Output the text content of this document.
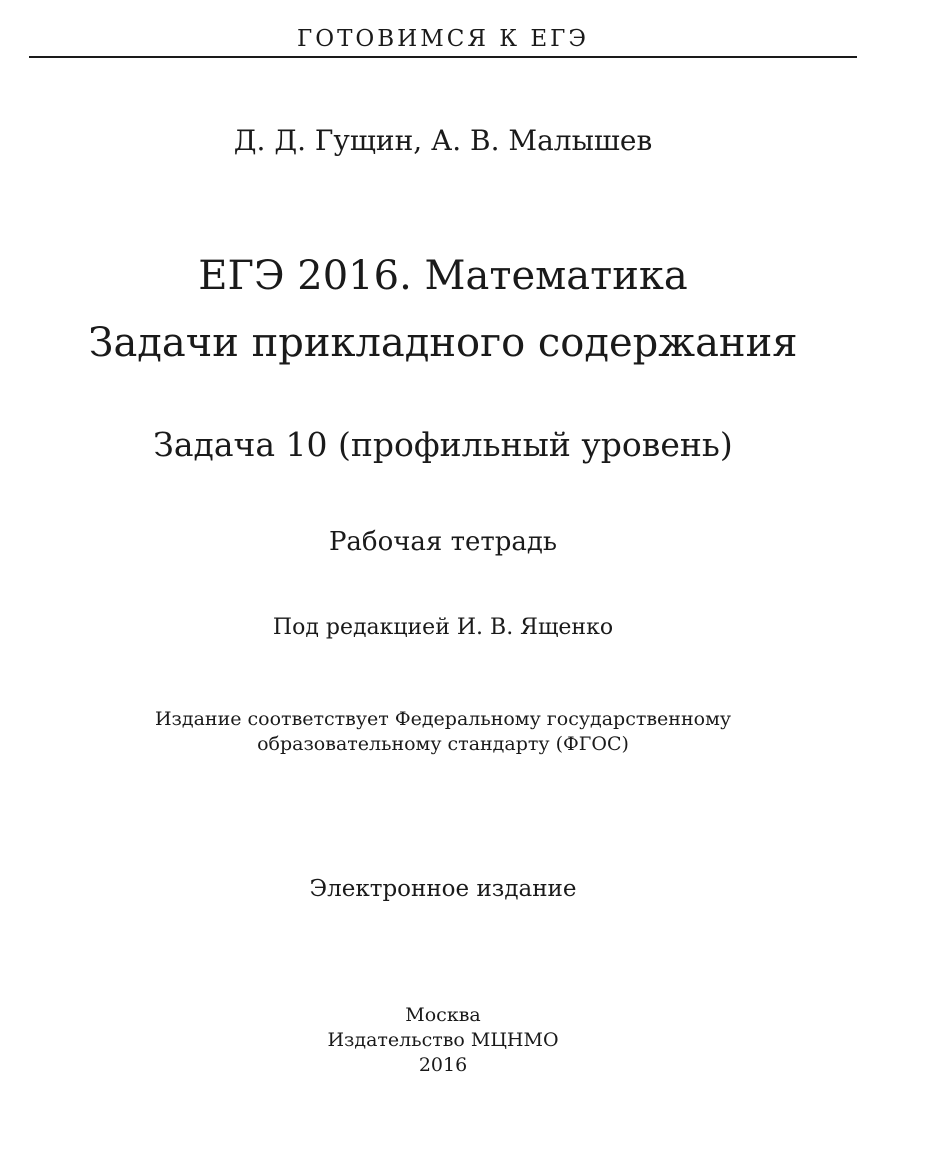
ГОТОВИМСЯ К ЕГЭ
Д. Д. Гущин, А. В. Малышев
ЕГЭ 2016. Математика
Задачи прикладного содержания
Задача 10 (профильный уровень)
Рабочая тетрадь
Под редакцией И. В. Ященко
Издание соответствует Федеральному государственному
образовательному стандарту (ФГОС)
Электронное издание
Москва
Издательство МЦНМО
2016
